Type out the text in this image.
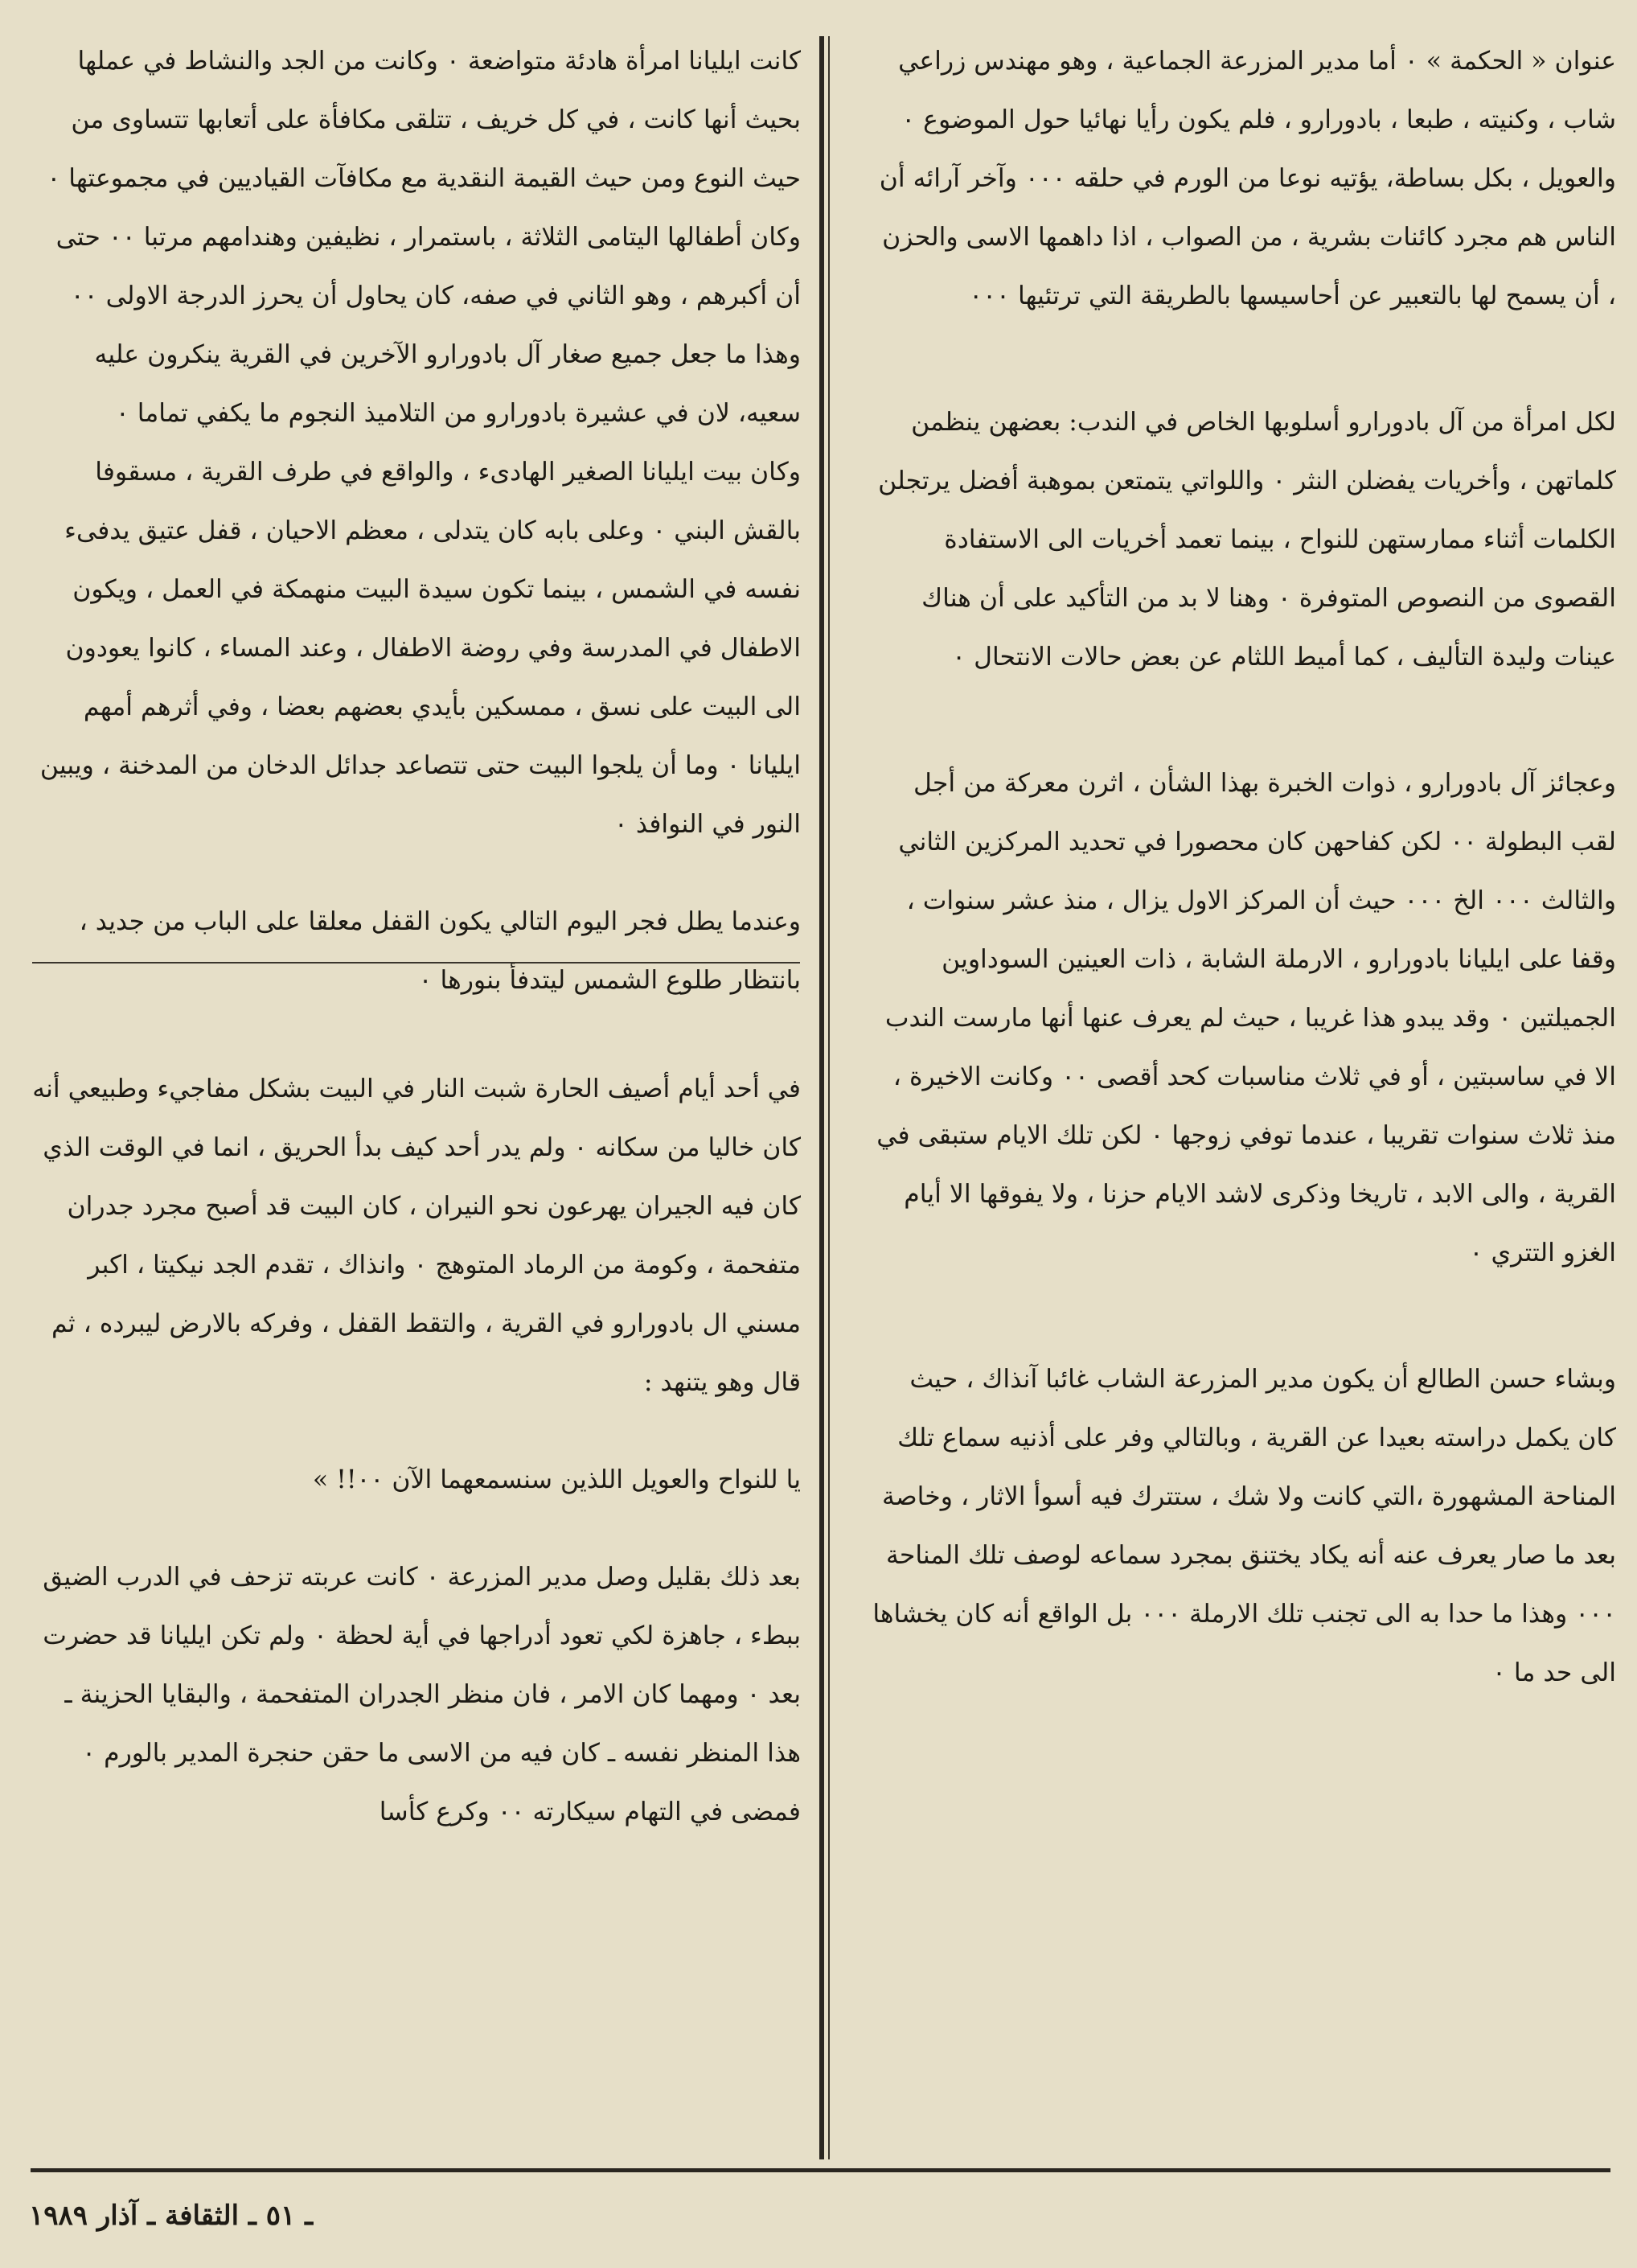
عنوان « الحكمة » ٠ أما مدير المزرعة الجماعية ، وهو مهندس زراعي شاب ، وكنيته ، طبعا ، بادورارو ، فلم يكون رأيا نهائيا حول الموضوع ٠ والعويل ، بكل بساطة، يؤتيه نوعا من الورم في حلقه ٠٠٠ وآخر آرائه أن الناس هم مجرد كائنات بشرية ، من الصواب ، اذا داهمها الاسى والحزن ، أن يسمح لها بالتعبير عن أحاسيسها بالطريقة التي ترتئيها ٠٠٠

لكل امرأة من آل بادورارو أسلوبها الخاص في الندب: بعضهن ينظمن كلماتهن ، وأخريات يفضلن النثر ٠ واللواتي يتمتعن بموهبة أفضل يرتجلن الكلمات أثناء ممارستهن للنواح ، بينما تعمد أخريات الى الاستفادة القصوى من النصوص المتوفرة ٠ وهنا لا بد من التأكيد على أن هناك عينات وليدة التأليف ، كما أميط اللثام عن بعض حالات الانتحال ٠

وعجائز آل بادورارو ، ذوات الخبرة بهذا الشأن ، اثرن معركة من أجل لقب البطولة ٠٠ لكن كفاحهن كان محصورا في تحديد المركزين الثاني والثالث ٠٠٠ الخ ٠٠٠ حيث أن المركز الاول يزال ، منذ عشر سنوات ، وقفا على ايليانا بادورارو ، الارملة الشابة ، ذات العينين السوداوين الجميلتين ٠ وقد يبدو هذا غريبا ، حيث لم يعرف عنها أنها مارست الندب الا في ساسبتين ، أو في ثلاث مناسبات كحد أقصى ٠٠ وكانت الاخيرة ، منذ ثلاث سنوات تقريبا ، عندما توفي زوجها ٠ لكن تلك الايام ستبقى في القرية ، والى الابد ، تاريخا وذكرى لاشد الايام حزنا ، ولا يفوقها الا أيام الغزو التتري ٠

وبشاء حسن الطالع أن يكون مدير المزرعة الشاب غائبا آنذاك ، حيث كان يكمل دراسته بعيدا عن القرية ، وبالتالي وفر على أذنيه سماع تلك المناحة المشهورة ،التي كانت ولا شك ، ستترك فيه أسوأ الاثار ، وخاصة بعد ما صار يعرف عنه أنه يكاد يختنق بمجرد سماعه لوصف تلك المناحة ٠٠٠ وهذا ما حدا به الى تجنب تلك الارملة ٠٠٠ بل الواقع أنه كان يخشاها الى حد ما ٠

كانت ايليانا امرأة هادئة متواضعة ٠ وكانت من الجد والنشاط في عملها بحيث أنها كانت ، في كل خريف ، تتلقى مكافأة على أتعابها تتساوى من حيث النوع ومن حيث القيمة النقدية مع مكافآت القياديين في مجموعتها ٠ وكان أطفالها اليتامى الثلاثة ، باستمرار ، نظيفين وهندامهم مرتبا ٠٠ حتى أن أكبرهم ، وهو الثاني في صفه، كان يحاول أن يحرز الدرجة الاولى ٠٠ وهذا ما جعل جميع صغار آل بادورارو الآخرين في القرية ينكرون عليه سعيه، لان في عشيرة بادورارو من التلاميذ النجوم ما يكفي تماما ٠

وكان بيت ايليانا الصغير الهادىء ، والواقع في طرف القرية ، مسقوفا بالقش البني ٠ وعلى بابه كان يتدلى ، معظم الاحيان ، قفل عتيق يدفىء نفسه في الشمس ، بينما تكون سيدة البيت منهمكة في العمل ، ويكون الاطفال في المدرسة وفي روضة الاطفال ، وعند المساء ، كانوا يعودون الى البيت على نسق ، ممسكين بأيدي بعضهم بعضا ، وفي أثرهم أمهم ايليانا ٠ وما أن يلجوا البيت حتى تتصاعد جدائل الدخان من المدخنة ، ويبين النور في النوافذ ٠

وعندما يطل فجر اليوم التالي يكون القفل معلقا على الباب من جديد ، بانتظار طلوع الشمس ليتدفأ بنورها ٠

في أحد أيام أصيف الحارة شبت النار في البيت بشكل مفاجيء وطبيعي أنه كان خاليا من سكانه ٠ ولم يدر أحد كيف بدأ الحريق ، انما في الوقت الذي كان فيه الجيران يهرعون نحو النيران ، كان البيت قد أصبح مجرد جدران متفحمة ، وكومة من الرماد المتوهج ٠ وانذاك ، تقدم الجد نيكيتا ، اكبر مسني ال بادورارو في القرية ، والتقط القفل ، وفركه بالارض ليبرده ، ثم قال وهو يتنهد :

يا للنواح والعويل اللذين سنسمعهما الآن ٠٠!! »

بعد ذلك بقليل وصل مدير المزرعة ٠ كانت عربته تزحف في الدرب الضيق ببطء ، جاهزة لكي تعود أدراجها في أية لحظة ٠ ولم تكن ايليانا قد حضرت بعد ٠ ومهما كان الامر ، فان منظر الجدران المتفحمة ، والبقايا الحزينة ـ هذا المنظر نفسه ـ كان فيه من الاسى ما حقن حنجرة المدير بالورم ٠ فمضى في التهام سيكارته ٠٠ وكرع كأسا

ـ ٥١ ـ الثقافة ـ آذار ١٩٨٩
